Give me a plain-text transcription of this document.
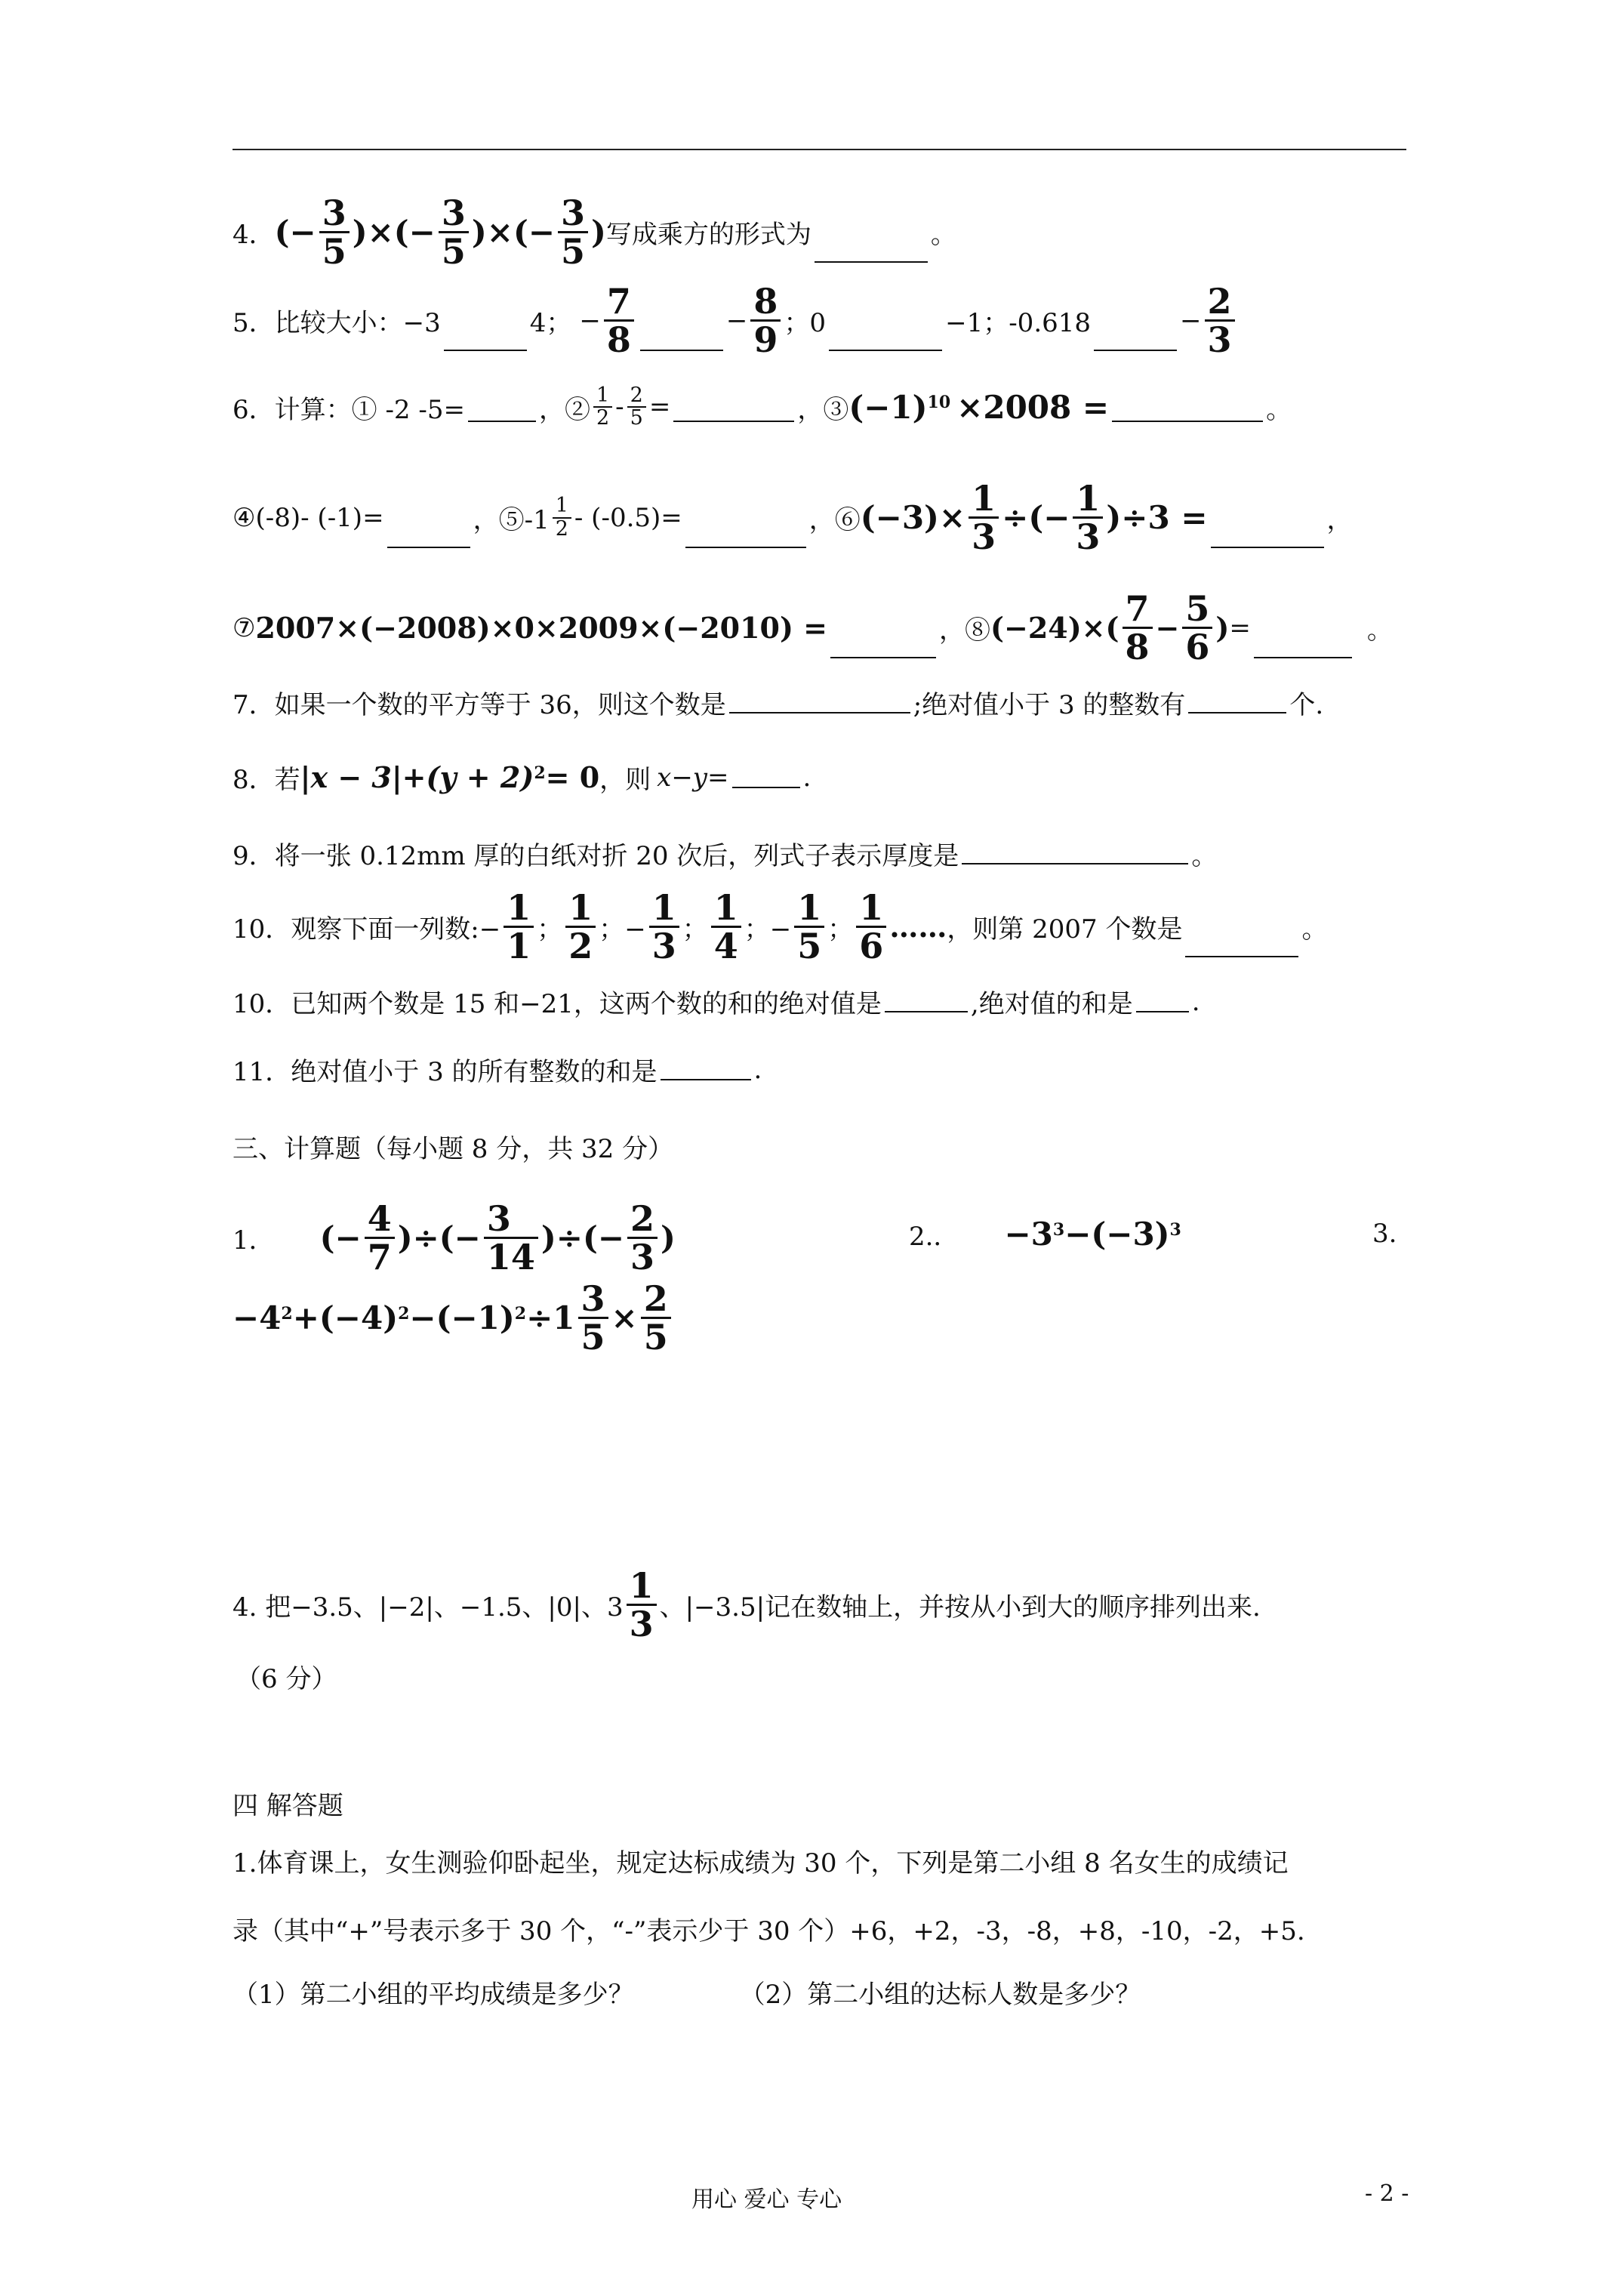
4． (− $\frac{3}{5}$ )×(− $\frac{3}{5}$ )×(− $\frac{3}{5}$ ) 写成乘方的形式为	。
5． 比较大小：−3	4； − $\frac{7}{8}$	− $\frac{8}{9}$ ；0	−1；-0.618	− $\frac{2}{3}$
6． 计算：① -2 -5=	，② $\frac{1}{2} - \frac{2}{5}$ =	，③ (−1) 10 ×2008 =	。
④(-8)- (-1)=	，⑤-1 $\frac{1}{2} - (-0.5)=$	，⑥ $(-3)\times \frac{1}{3}$ ÷(− $\frac{1}{3} )\div 3$ =	，
⑦ 2007×(−2008)×0×2009×(−2010) =	，⑧ $(-24)\times( \frac{7}{8} - \frac{5}{6}$ ) =	。
7．如果一个数的平方等于 36，则这个数是	;绝对值小于 3 的整数有	个.
8．若 |x − 3|+(y + 2) 2 = 0 ，则 x−y =	.
9．将一张 0.12mm 厚的白纸对折 20 次后，列式子表示厚度是	。
10．观察下面一列数:− $\frac{1}{1}$ ； $\frac{1}{2}$ ；− $\frac{1}{3}$ ； $\frac{1}{4}$ ；− $\frac{1}{5}$ ； $\frac{1}{6}$ …… ，则第 2007 个数是	。
10．已知两个数是 15 和−21，这两个数的和的绝对值是	,绝对值的和是 .
11．绝对值小于 3 的所有整数的和是	.
三、计算题（每小题 8 分，共 32 分）
1． (− $\frac{4}{7}$ )÷(− $\frac{3}{14}$ )÷(− $\frac{2}{3}$ )	2.． −3 3 −(−3) 3	3.
−4 2 +(−4) 2 −(−1) $2 \div 1 \frac{3}{5} \times \frac{2}{5}$
4. 把−3.5、|−2|、−1.5、|0|、$3 \frac{1}{3}$ 、|−3.5|记在数轴上，并按从小到大的顺序排列出来.
（6 分）
四 解答题
1.体育课上，女生测验仰卧起坐，规定达标成绩为 30 个，下列是第二小组 8 名女生的成绩记
录（其中“+”号表示多于 30 个，“-”表示少于 30 个）+6，+2，-3，-8，+8，-10，-2，+5.
（1）第二小组的平均成绩是多少？	（2）第二小组的达标人数是多少？
用心 爱心 专心	- 2 -
